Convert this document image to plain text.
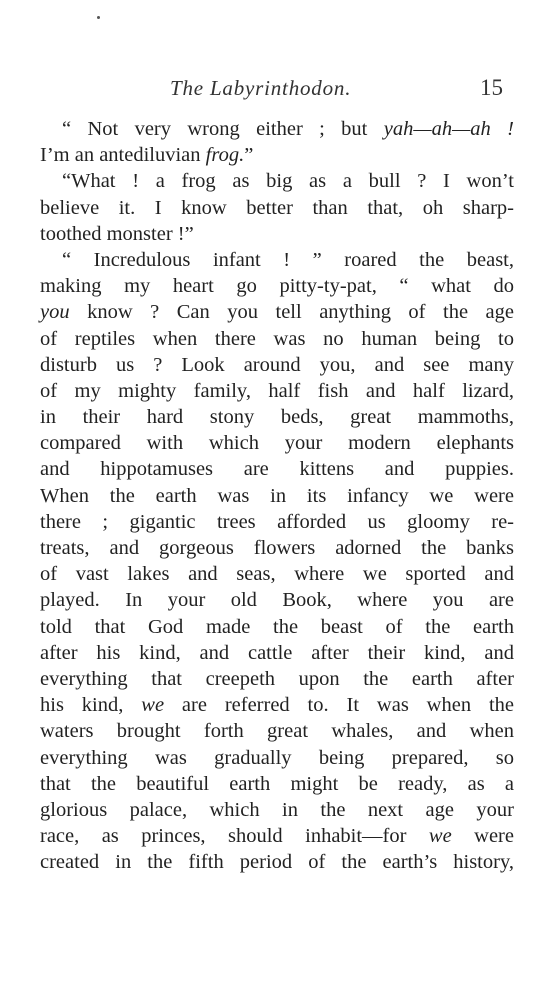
The Labyrinthodon.	15
“ Not very wrong either ; but yah—ah—ah !
I’m an antediluvian frog.”
“What ! a frog as big as a bull ? I won’t
believe it. I know better than that, oh sharp-
toothed monster !”
“ Incredulous infant ! ” roared the beast,
making my heart go pitty-ty-pat, “ what do
you know ? Can you tell anything of the age
of reptiles when there was no human being to
disturb us ? Look around you, and see many
of my mighty family, half fish and half lizard,
in their hard stony beds, great mammoths,
compared with which your modern elephants
and hippotamuses are kittens and puppies.
When the earth was in its infancy we were
there ; gigantic trees afforded us gloomy re-
treats, and gorgeous flowers adorned the banks
of vast lakes and seas, where we sported and
played. In your old Book, where you are
told that God made the beast of the earth
after his kind, and cattle after their kind, and
everything that creepeth upon the earth after
his kind, we are referred to. It was when the
waters brought forth great whales, and when
everything was gradually being prepared, so
that the beautiful earth might be ready, as a
glorious palace, which in the next age your
race, as princes, should inhabit—for we were
created in the fifth period of the earth’s history,
